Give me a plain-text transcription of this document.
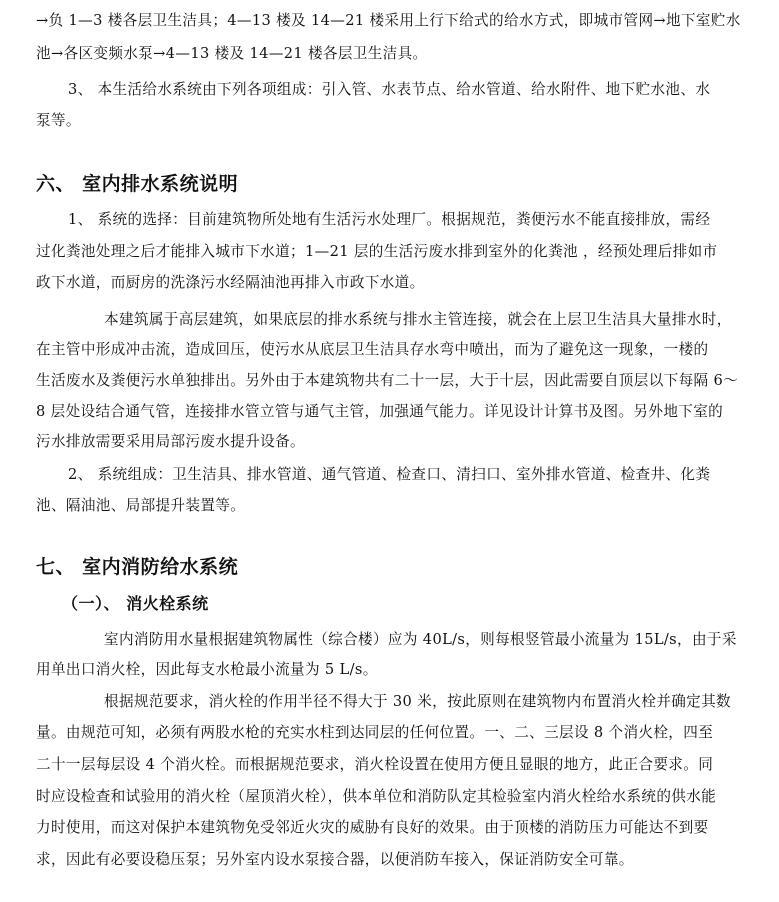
→负 1—3 楼各层卫生洁具；4—13 楼及 14—21 楼采用上行下给式的给水方式，即城市管网→地下室贮水
池→各区变频水泵→4—13 楼及 14—21 楼各层卫生洁具。
3、 本生活给水系统由下列各项组成：引入管、水表节点、给水管道、给水附件、地下贮水池、水
泵等。
六、 室内排水系统说明
1、 系统的选择：目前建筑物所处地有生活污水处理厂。根据规范，粪便污水不能直接排放，需经
过化粪池处理之后才能排入城市下水道；1—21 层的生活污废水排到室外的化粪池 ，经预处理后排如市
政下水道，而厨房的洗涤污水经隔油池再排入市政下水道。
本建筑属于高层建筑，如果底层的排水系统与排水主管连接，就会在上层卫生洁具大量排水时，
在主管中形成冲击流，造成回压，使污水从底层卫生洁具存水弯中喷出，而为了避免这一现象，一楼的
生活废水及粪便污水单独排出。另外由于本建筑物共有二十一层，大于十层，因此需要自顶层以下每隔 6～
8 层处设结合通气管，连接排水管立管与通气主管，加强通气能力。详见设计计算书及图。另外地下室的
污水排放需要采用局部污废水提升设备。
2、 系统组成：卫生洁具、排水管道、通气管道、检查口、清扫口、室外排水管道、检查井、化粪
池、隔油池、局部提升装置等。
七、 室内消防给水系统
（一）、 消火栓系统
室内消防用水量根据建筑物属性（综合楼）应为 40L/s，则每根竖管最小流量为 15L/s，由于采
用单出口消火栓，因此每支水枪最小流量为 5 L/s。
根据规范要求，消火栓的作用半径不得大于 30 米，按此原则在建筑物内布置消火栓并确定其数
量。由规范可知，必须有两股水枪的充实水柱到达同层的任何位置。一、二、三层设 8 个消火栓，四至
二十一层每层设 4 个消火栓。而根据规范要求，消火栓设置在使用方便且显眼的地方，此正合要求。同
时应设检查和试验用的消火栓（屋顶消火栓），供本单位和消防队定其检验室内消火栓给水系统的供水能
力时使用，而这对保护本建筑物免受邻近火灾的威胁有良好的效果。由于顶楼的消防压力可能达不到要
求，因此有必要设稳压泵；另外室内设水泵接合器，以便消防车接入，保证消防安全可靠。
